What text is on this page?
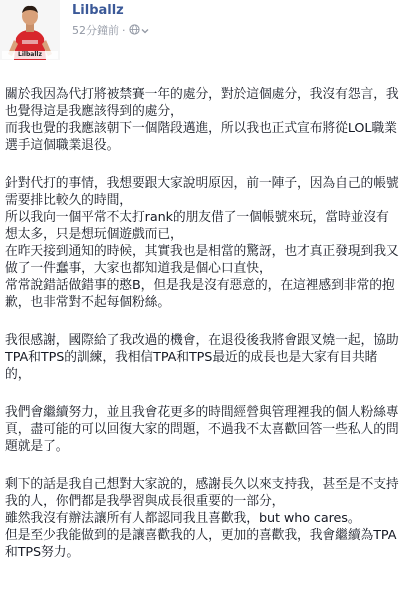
Lilballz
Lilballz
52分鐘前 ·

關於我因為代打將被禁賽一年的處分，對於這個處分，我沒有怨言，我也覺得這是我應該得到的處分，
而我也覺的我應該朝下一個階段邁進，所以我也正式宣布將從LOL職業選手這個職業退役。

針對代打的事情，我想要跟大家說明原因，前一陣子，因為自己的帳號需要排比較久的時間，
所以我向一個平常不太打rank的朋友借了一個帳號來玩，當時並沒有想太多，只是想玩個遊戲而已，
在昨天接到通知的時候，其實我也是相當的驚訝，也才真正發現到我又做了一件蠢事，大家也都知道我是個心口直快，
常常說錯話做錯事的憨B，但是我是沒有惡意的，在這裡感到非常的抱歉，也非常對不起每個粉絲。

我很感謝，國際給了我改過的機會，在退役後我將會跟叉燒一起，協助TPA和TPS的訓練，我相信TPA和TPS最近的成長也是大家有目共睹的，

我們會繼續努力，並且我會花更多的時間經營與管理裡我的個人粉絲專頁，盡可能的可以回復大家的問題，不過我不太喜歡回答一些私人的問題就是了。

剩下的話是我自己想對大家說的，感謝長久以來支持我，甚至是不支持我的人，你們都是我學習與成長很重要的一部分，
雖然我沒有辦法讓所有人都認同我且喜歡我，but who cares。
但是至少我能做到的是讓喜歡我的人，更加的喜歡我，我會繼續為TPA和TPS努力。
